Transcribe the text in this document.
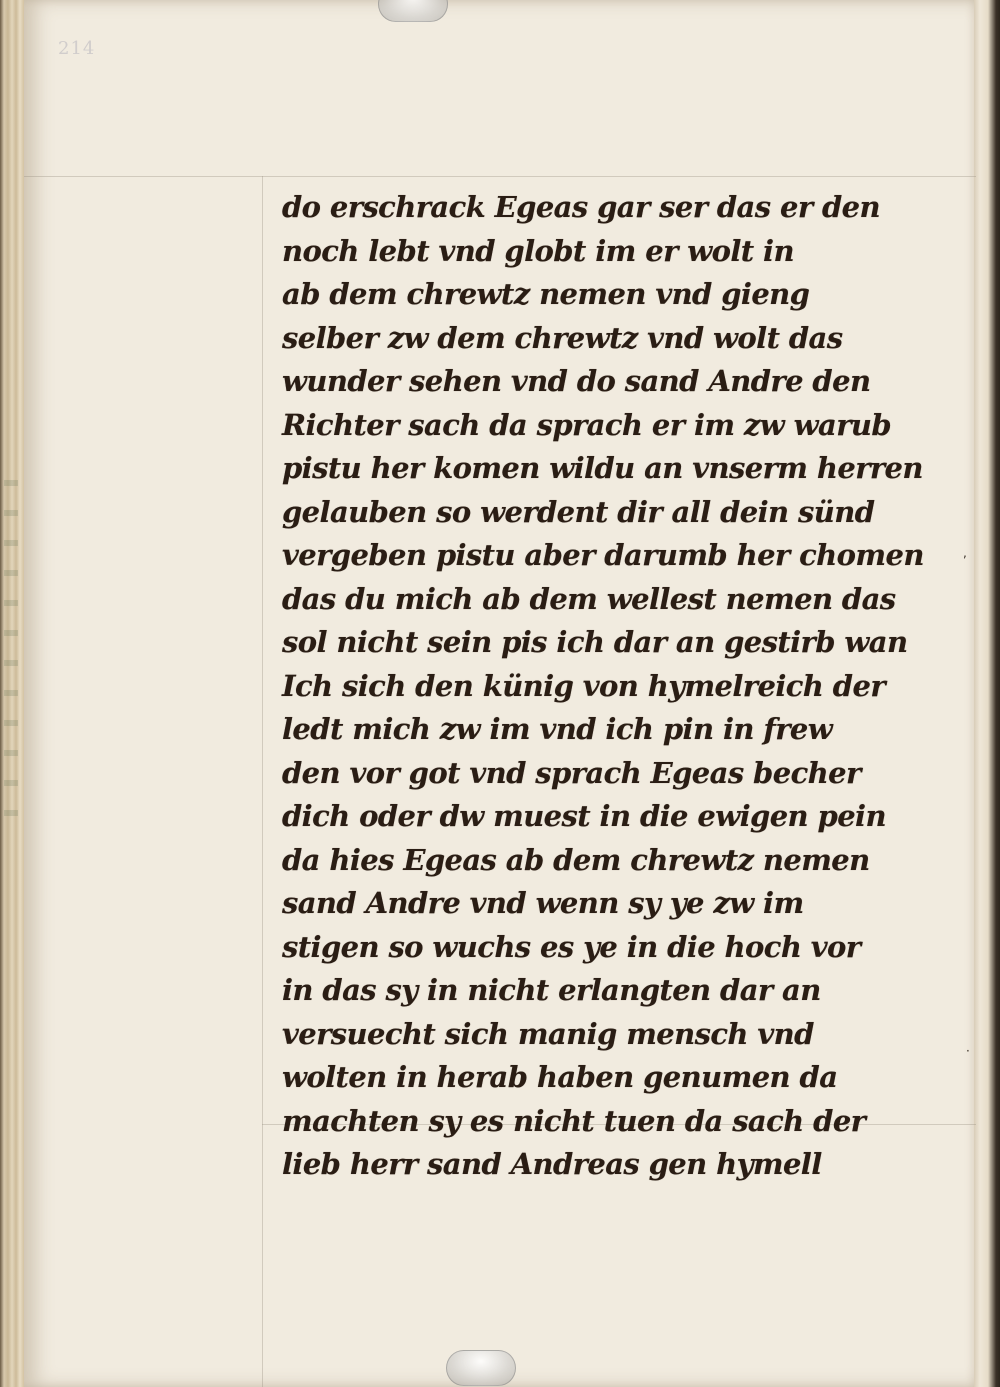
214
do erschrack Egeas gar ser das er den
noch lebt vnd globt im er wolt in
ab dem chrewtz nemen vnd gieng
selber zw dem chrewtz vnd wolt das
wunder sehen vnd do sand Andre den
Richter sach da sprach er im zw warub
pistu her komen wildu an vnserm herren
gelauben so werdent dir all dein sünd
vergeben pistu aber darumb her chomen
das du mich ab dem wellest nemen das
sol nicht sein pis ich dar an gestirb wan
Ich sich den künig von hymelreich der
ledt mich zw im vnd ich pin in frew
den vor got vnd sprach Egeas becher
dich oder dw muest in die ewigen pein
da hies Egeas ab dem chrewtz nemen
sand Andre vnd wenn sy ye zw im
stigen so wuchs es ye in die hoch vor
in das sy in nicht erlangten dar an
versuecht sich manig mensch vnd
wolten in herab haben genumen da
machten sy es nicht tuen da sach der
lieb herr sand Andreas gen hymell
,
·
